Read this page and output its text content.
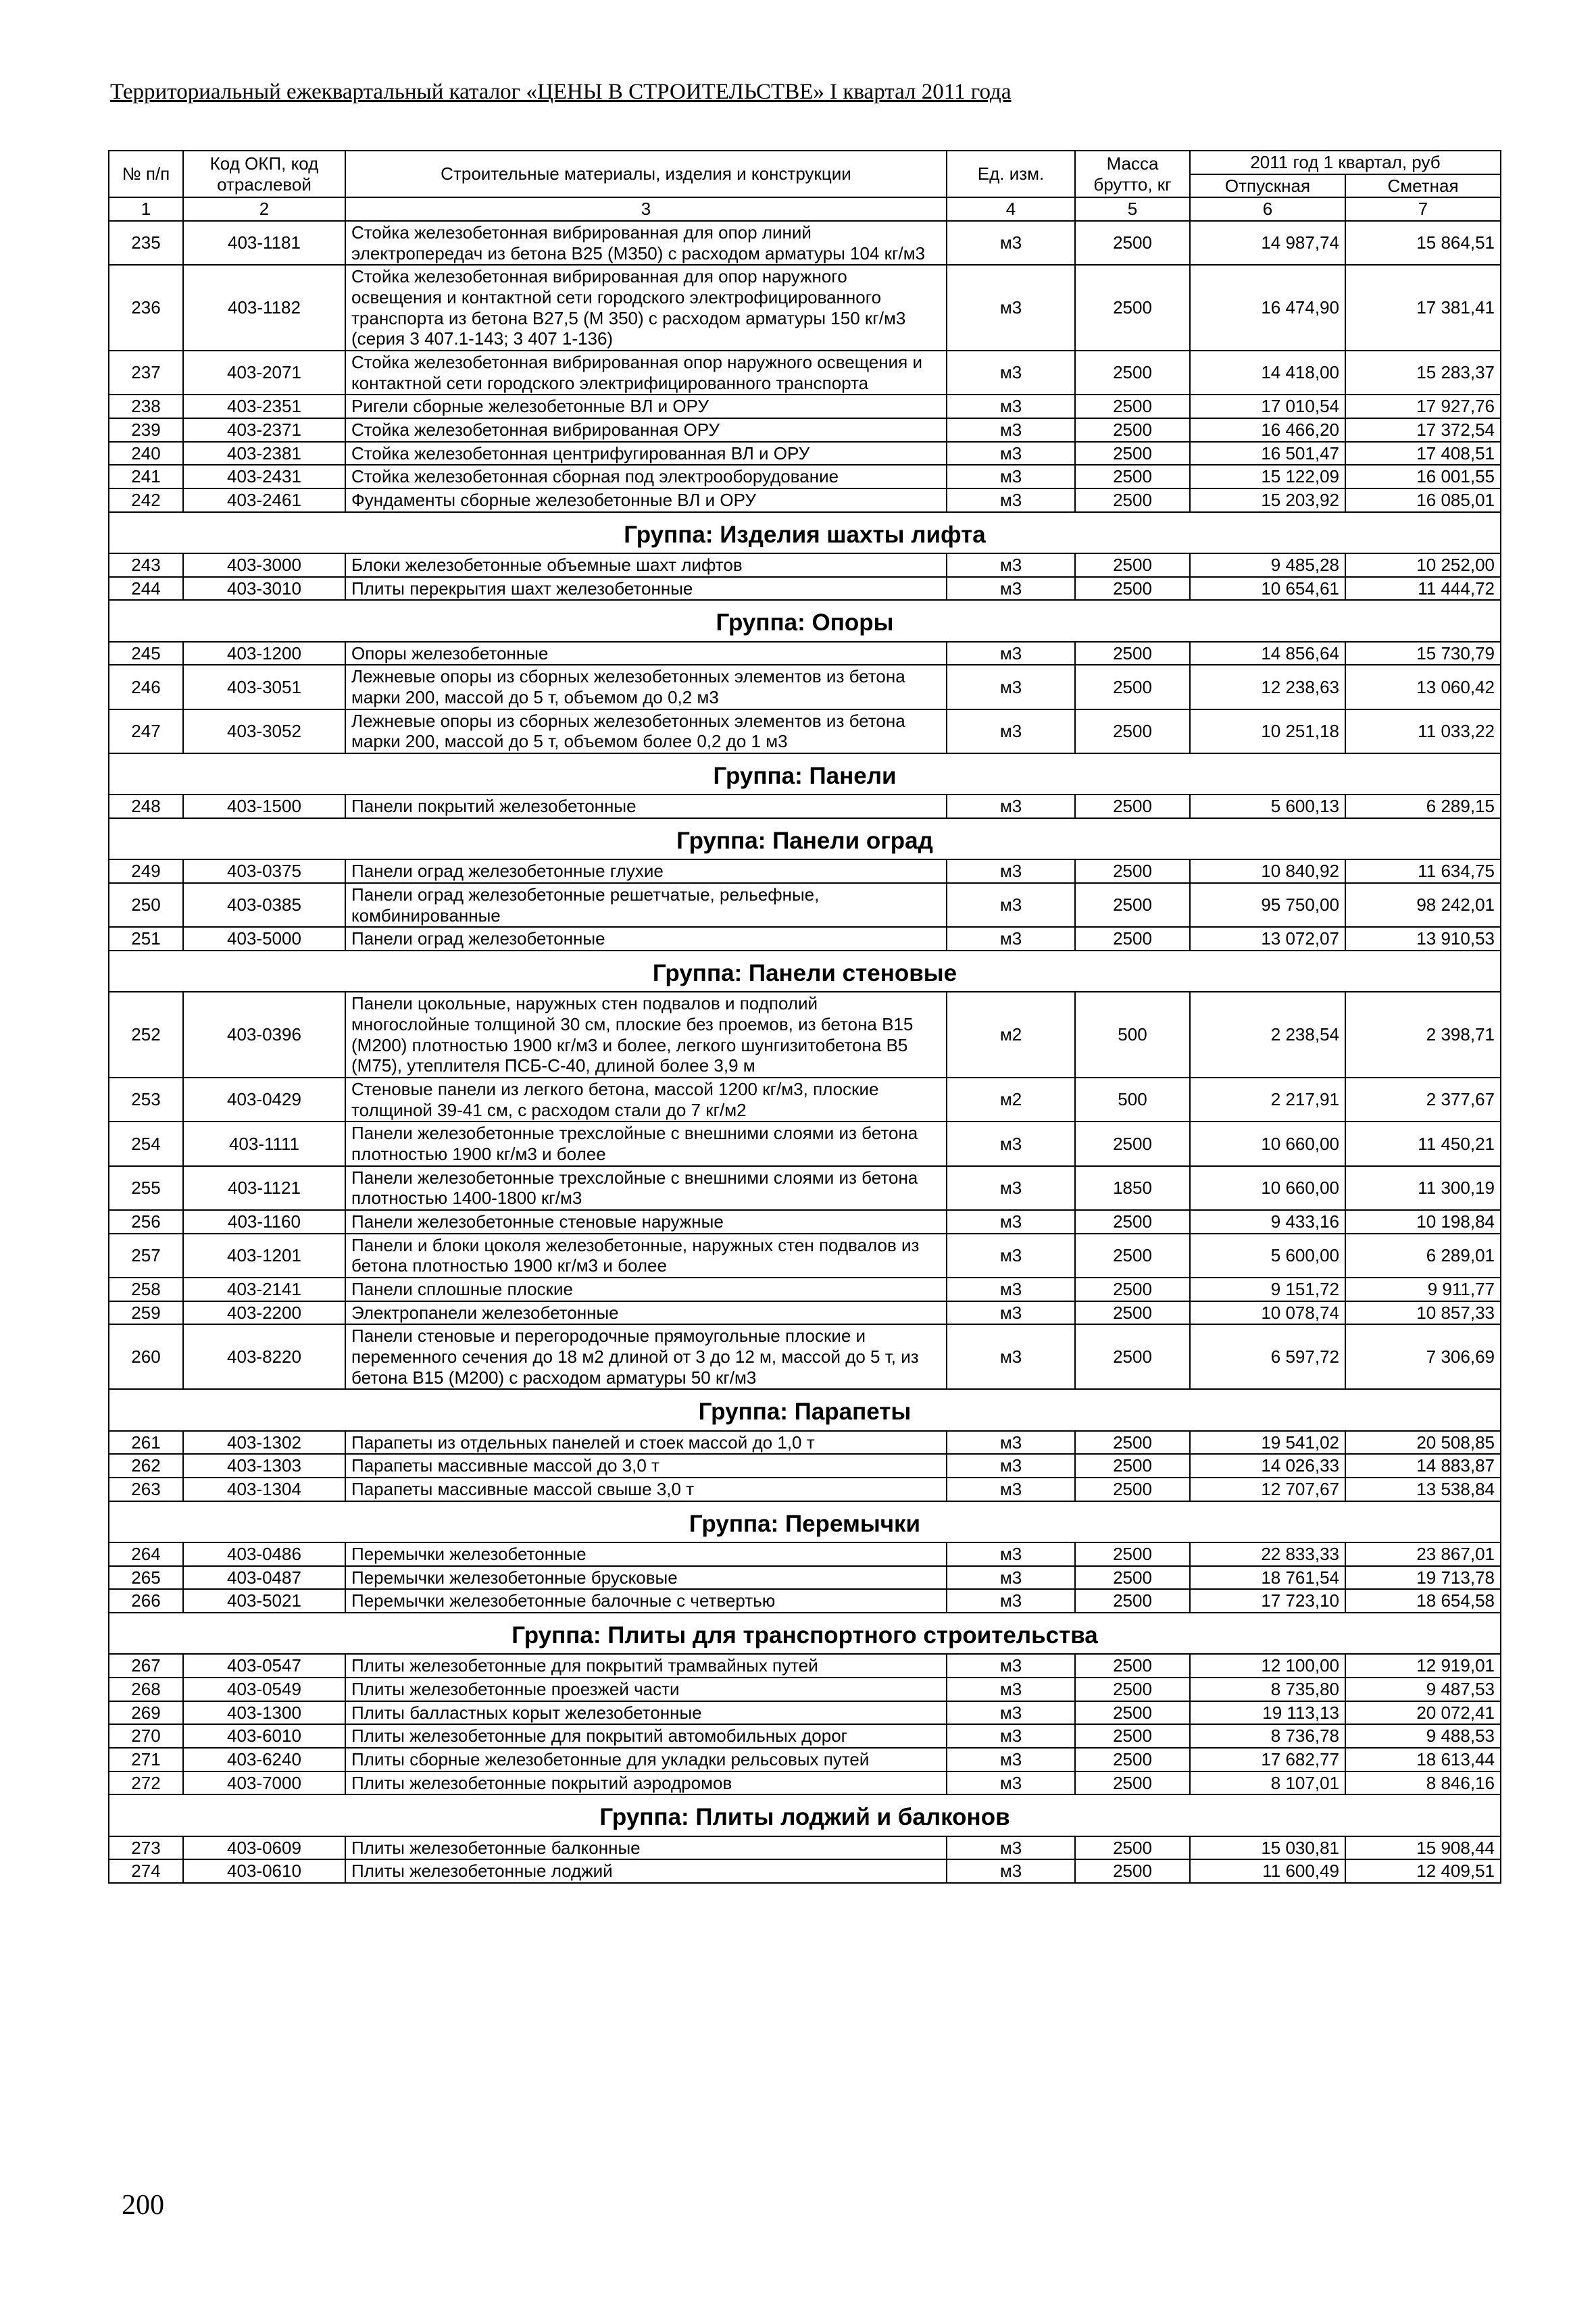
Территориальный ежеквартальный каталог «ЦЕНЫ В СТРОИТЕЛЬСТВЕ» I квартал 2011 года
№ п/п	Код ОКП, код отраслевой	Строительные материалы, изделия и конструкции	Ед. изм.	Масса брутто, кг	2011 год 1 квартал, руб	
					Отпускная	Сметная
1	2	3	4	5	6	7
235	403-1181	Стойка железобетонная вибрированная для опор линий электропередач из бетона В25 (М350) с расходом арматуры 104 кг/м3	м3	2500	14 987,74	15 864,51
236	403-1182	Стойка железобетонная вибрированная для опор наружного освещения и контактной сети городского электрофицированного транспорта из бетона В27,5 (М 350) с расходом арматуры 150 кг/м3 (серия 3 407.1-143; 3 407 1-136)	м3	2500	16 474,90	17 381,41
237	403-2071	Стойка железобетонная вибрированная опор наружного освещения и контактной сети городского электрифицированного транспорта	м3	2500	14 418,00	15 283,37
238	403-2351	Ригели сборные железобетонные ВЛ и ОРУ	м3	2500	17 010,54	17 927,76
239	403-2371	Стойка железобетонная вибрированная ОРУ	м3	2500	16 466,20	17 372,54
240	403-2381	Стойка железобетонная центрифугированная ВЛ и ОРУ	м3	2500	16 501,47	17 408,51
241	403-2431	Стойка железобетонная сборная под электрооборудование	м3	2500	15 122,09	16 001,55
242	403-2461	Фундаменты сборные железобетонные ВЛ и ОРУ	м3	2500	15 203,92	16 085,01
Группа: Изделия шахты лифта						
243	403-3000	Блоки железобетонные объемные шахт лифтов	м3	2500	9 485,28	10 252,00
244	403-3010	Плиты перекрытия шахт железобетонные	м3	2500	10 654,61	11 444,72
Группа: Опоры						
245	403-1200	Опоры железобетонные	м3	2500	14 856,64	15 730,79
246	403-3051	Лежневые опоры из сборных железобетонных элементов из бетона марки 200, массой до 5 т, объемом до 0,2 м3	м3	2500	12 238,63	13 060,42
247	403-3052	Лежневые опоры из сборных железобетонных элементов из бетона марки 200, массой до 5 т, объемом более 0,2 до 1 м3	м3	2500	10 251,18	11 033,22
Группа: Панели						
248	403-1500	Панели покрытий железобетонные	м3	2500	5 600,13	6 289,15
Группа: Панели оград						
249	403-0375	Панели оград железобетонные глухие	м3	2500	10 840,92	11 634,75
250	403-0385	Панели оград железобетонные решетчатые, рельефные, комбинированные	м3	2500	95 750,00	98 242,01
251	403-5000	Панели оград железобетонные	м3	2500	13 072,07	13 910,53
Группа: Панели стеновые						
252	403-0396	Панели цокольные, наружных стен подвалов и подполий многослойные толщиной 30 см, плоские без проемов, из бетона В15 (М200) плотностью 1900 кг/м3 и более, легкого шунгизитобетона В5 (М75), утеплителя ПСБ-С-40, длиной более 3,9 м	м2	500	2 238,54	2 398,71
253	403-0429	Стеновые панели из легкого бетона, массой 1200 кг/м3, плоские толщиной 39-41 см, с расходом стали до 7 кг/м2	м2	500	2 217,91	2 377,67
254	403-1111	Панели железобетонные трехслойные с внешними слоями из бетона плотностью 1900 кг/м3 и более	м3	2500	10 660,00	11 450,21
255	403-1121	Панели железобетонные трехслойные с внешними слоями из бетона плотностью 1400-1800 кг/м3	м3	1850	10 660,00	11 300,19
256	403-1160	Панели железобетонные стеновые наружные	м3	2500	9 433,16	10 198,84
257	403-1201	Панели и блоки цоколя железобетонные, наружных стен подвалов из бетона плотностью 1900 кг/м3 и более	м3	2500	5 600,00	6 289,01
258	403-2141	Панели сплошные плоские	м3	2500	9 151,72	9 911,77
259	403-2200	Электропанели железобетонные	м3	2500	10 078,74	10 857,33
260	403-8220	Панели стеновые и перегородочные прямоугольные плоские и переменного сечения до 18 м2 длиной от 3 до 12 м, массой до 5 т, из бетона В15 (М200) с расходом арматуры 50 кг/м3	м3	2500	6 597,72	7 306,69
Группа: Парапеты						
261	403-1302	Парапеты из отдельных панелей и стоек массой до 1,0 т	м3	2500	19 541,02	20 508,85
262	403-1303	Парапеты массивные массой до 3,0 т	м3	2500	14 026,33	14 883,87
263	403-1304	Парапеты массивные массой свыше 3,0 т	м3	2500	12 707,67	13 538,84
Группа: Перемычки						
264	403-0486	Перемычки железобетонные	м3	2500	22 833,33	23 867,01
265	403-0487	Перемычки железобетонные брусковые	м3	2500	18 761,54	19 713,78
266	403-5021	Перемычки железобетонные балочные с четвертью	м3	2500	17 723,10	18 654,58
Группа: Плиты для транспортного строительства						
267	403-0547	Плиты железобетонные для покрытий трамвайных путей	м3	2500	12 100,00	12 919,01
268	403-0549	Плиты железобетонные проезжей части	м3	2500	8 735,80	9 487,53
269	403-1300	Плиты балластных корыт железобетонные	м3	2500	19 113,13	20 072,41
270	403-6010	Плиты железобетонные для покрытий автомобильных дорог	м3	2500	8 736,78	9 488,53
271	403-6240	Плиты сборные железобетонные для укладки рельсовых путей	м3	2500	17 682,77	18 613,44
272	403-7000	Плиты железобетонные покрытий аэродромов	м3	2500	8 107,01	8 846,16
Группа: Плиты лоджий и балконов						
273	403-0609	Плиты железобетонные балконные	м3	2500	15 030,81	15 908,44
274	403-0610	Плиты железобетонные лоджий	м3	2500	11 600,49	12 409,51
200
